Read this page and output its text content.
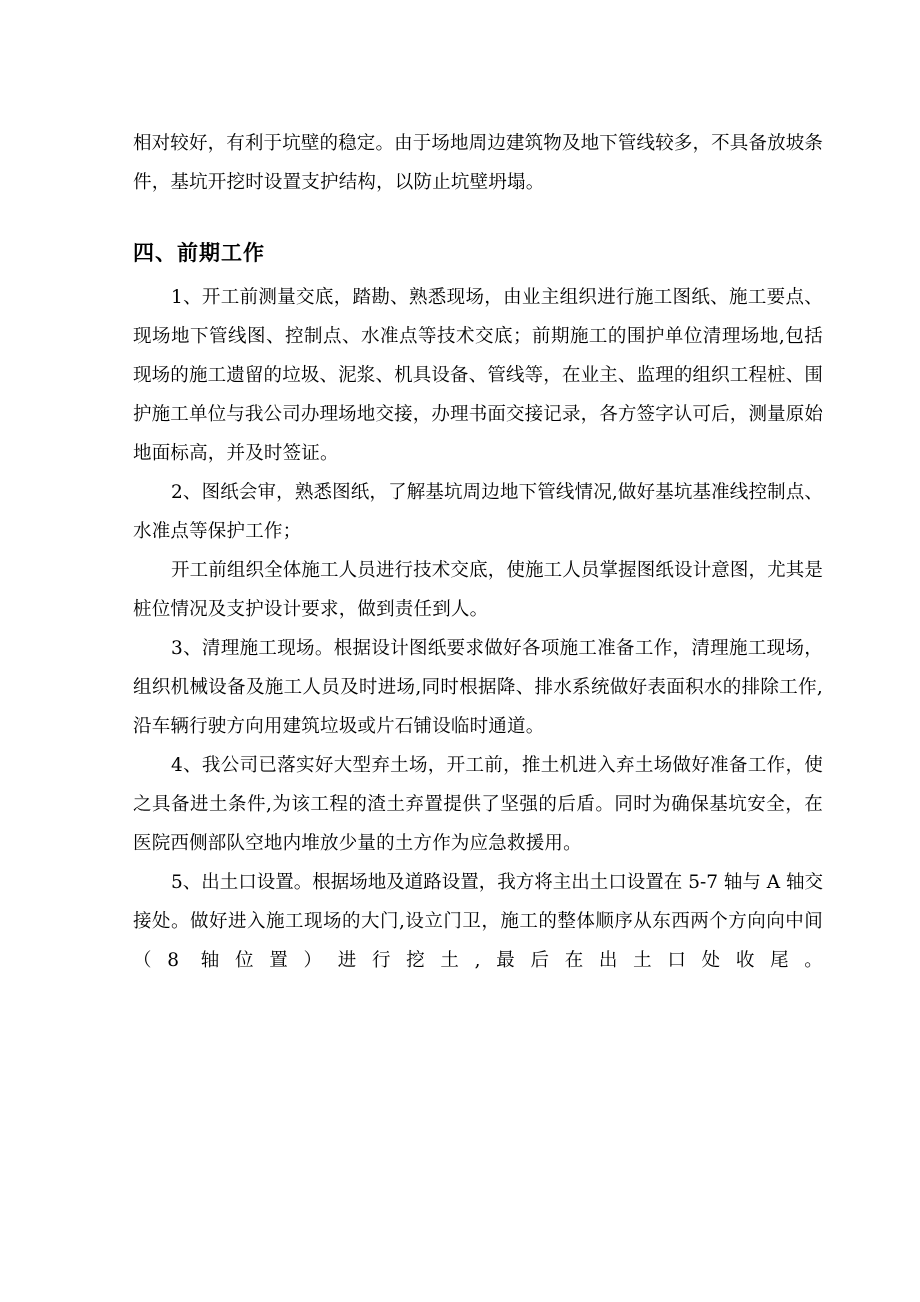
相对较好，有利于坑壁的稳定。由于场地周边建筑物及地下管线较多，不具备放坡条
件，基坑开挖时设置支护结构，以防止坑壁坍塌。
四、前期工作
1、开工前测量交底，踏勘、熟悉现场，由业主组织进行施工图纸、施工要点、
现场地下管线图、控制点、水准点等技术交底；前期施工的围护单位清理场地,包括
现场的施工遗留的垃圾、泥浆、机具设备、管线等，在业主、监理的组织工程桩、围
护施工单位与我公司办理场地交接，办理书面交接记录，各方签字认可后，测量原始
地面标高，并及时签证。
2、图纸会审，熟悉图纸，了解基坑周边地下管线情况,做好基坑基准线控制点、
水准点等保护工作；
开工前组织全体施工人员进行技术交底，使施工人员掌握图纸设计意图，尤其是
桩位情况及支护设计要求，做到责任到人。
3、清理施工现场。根据设计图纸要求做好各项施工准备工作，清理施工现场，
组织机械设备及施工人员及时进场,同时根据降、排水系统做好表面积水的排除工作,
沿车辆行驶方向用建筑垃圾或片石铺设临时通道。
4、我公司已落实好大型弃土场，开工前，推土机进入弃土场做好准备工作，使
之具备进土条件,为该工程的渣土弃置提供了坚强的后盾。同时为确保基坑安全，在
医院西侧部队空地内堆放少量的土方作为应急救援用。
5、出土口设置。根据场地及道路设置，我方将主出土口设置在 5-7 轴与 A 轴交
接处。做好进入施工现场的大门,设立门卫，施工的整体顺序从东西两个方向向中间
（8 轴位置）进行挖土,最后在出土口处收尾。
